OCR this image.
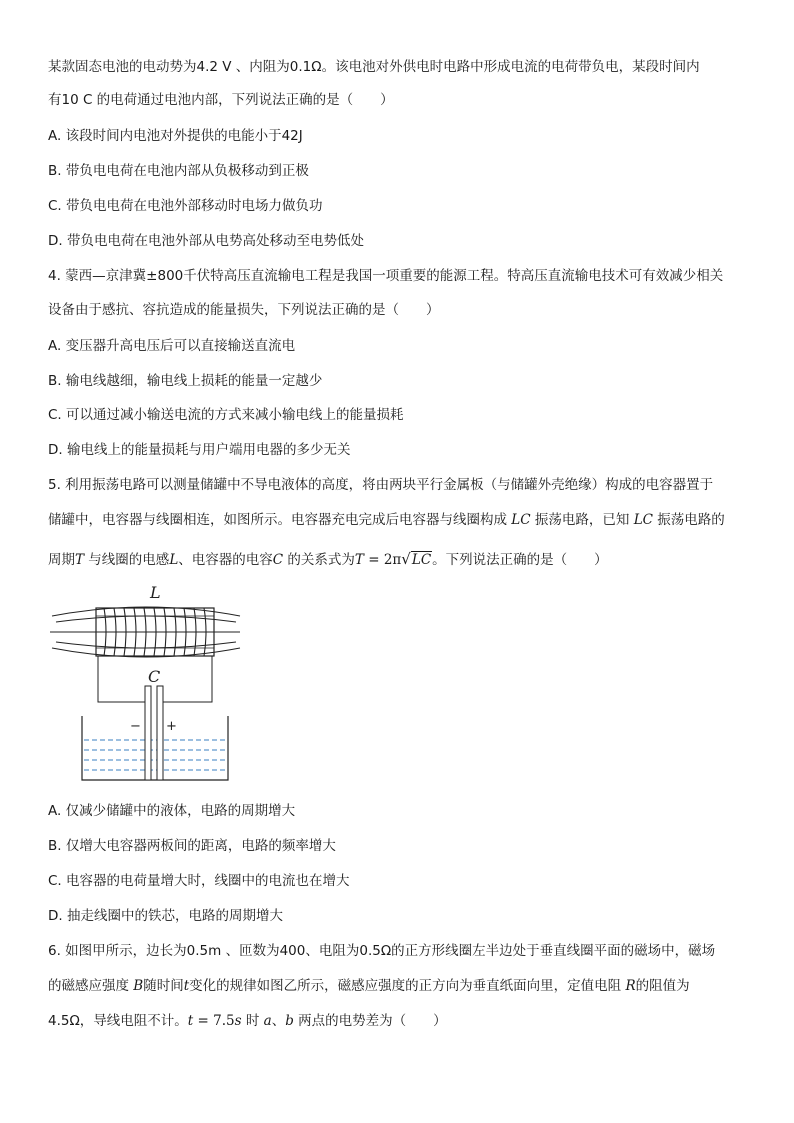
某款固态电池的电动势为4.2 V 、内阻为0.1Ω。该电池对外供电时电路中形成电流的电荷带负电，某段时间内
有10 C 的电荷通过电池内部，下列说法正确的是（　　）
A. 该段时间内电池对外提供的电能小于42J
B. 带负电电荷在电池内部从负极移动到正极
C. 带负电电荷在电池外部移动时电场力做负功
D. 带负电电荷在电池外部从电势高处移动至电势低处
4. 蒙西—京津冀±800千伏特高压直流输电工程是我国一项重要的能源工程。特高压直流输电技术可有效减少相关
设备由于感抗、容抗造成的能量损失，下列说法正确的是（　　）
A. 变压器升高电压后可以直接输送直流电
B. 输电线越细，输电线上损耗的能量一定越少
C. 可以通过减小输送电流的方式来减小输电线上的能量损耗
D. 输电线上的能量损耗与用户端用电器的多少无关
5. 利用振荡电路可以测量储罐中不导电液体的高度，将由两块平行金属板（与储罐外壳绝缘）构成的电容器置于
储罐中，电容器与线圈相连，如图所示。电容器充电完成后电容器与线圈构成 LC 振荡电路，已知 LC 振荡电路的
周期T 与线圈的电感L、电容器的电容C 的关系式为T = 2π√LC。下列说法正确的是（　　）
L
C
− +
A. 仅减少储罐中的液体，电路的周期增大
B. 仅增大电容器两板间的距离，电路的频率增大
C. 电容器的电荷量增大时，线圈中的电流也在增大
D. 抽走线圈中的铁芯，电路的周期增大
6. 如图甲所示，边长为0.5m 、匝数为400、电阻为0.5Ω的正方形线圈左半边处于垂直线圈平面的磁场中，磁场
的磁感应强度 B随时间t变化的规律如图乙所示，磁感应强度的正方向为垂直纸面向里，定值电阻 R的阻值为
4.5Ω，导线电阻不计。t = 7.5s 时 a、b 两点的电势差为（　　）
